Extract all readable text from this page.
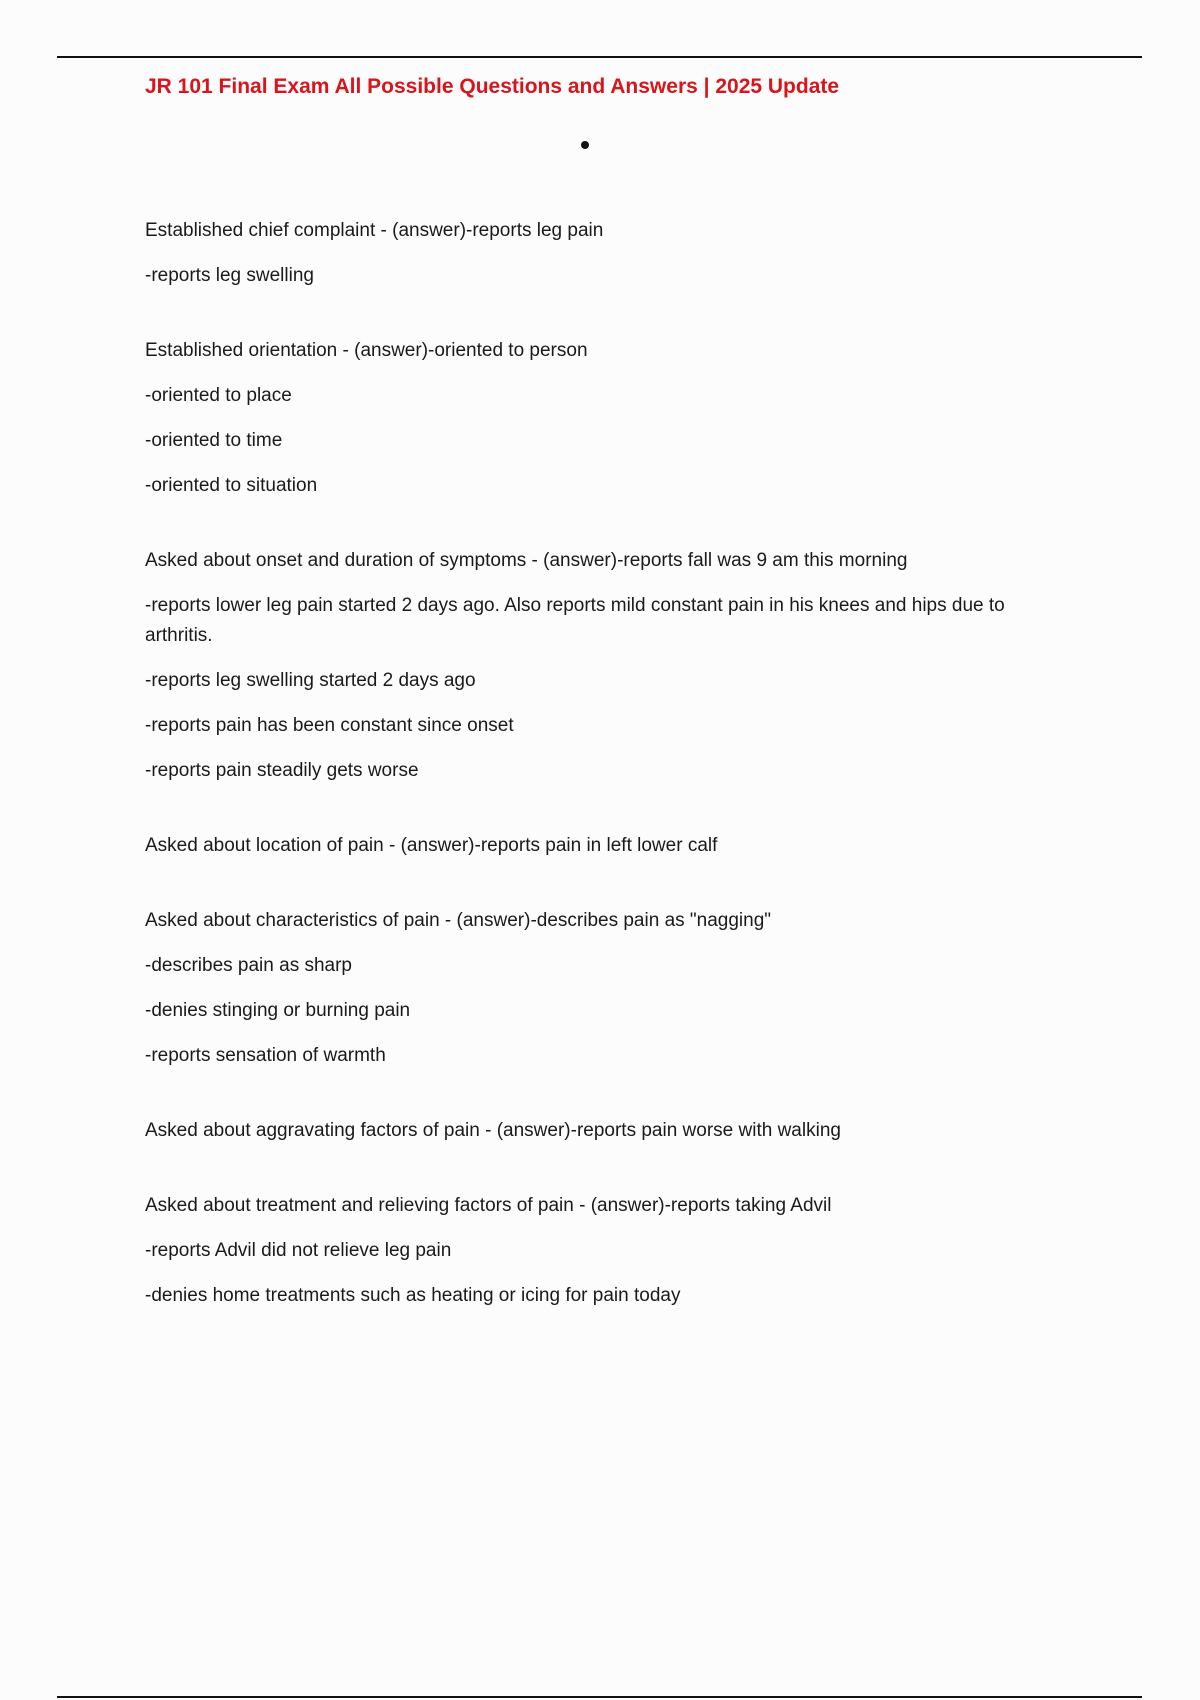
JR 101 Final Exam All Possible Questions and Answers | 2025 Update
Established chief complaint - (answer)-reports leg pain
-reports leg swelling
Established orientation - (answer)-oriented to person
-oriented to place
-oriented to time
-oriented to situation
Asked about onset and duration of symptoms - (answer)-reports fall was 9 am this morning
-reports lower leg pain started 2 days ago. Also reports mild constant pain in his knees and hips due to arthritis.
-reports leg swelling started 2 days ago
-reports pain has been constant since onset
-reports pain steadily gets worse
Asked about location of pain - (answer)-reports pain in left lower calf
Asked about characteristics of pain - (answer)-describes pain as "nagging"
-describes pain as sharp
-denies stinging or burning pain
-reports sensation of warmth
Asked about aggravating factors of pain - (answer)-reports pain worse with walking
Asked about treatment and relieving factors of pain - (answer)-reports taking Advil
-reports Advil did not relieve leg pain
-denies home treatments such as heating or icing for pain today
